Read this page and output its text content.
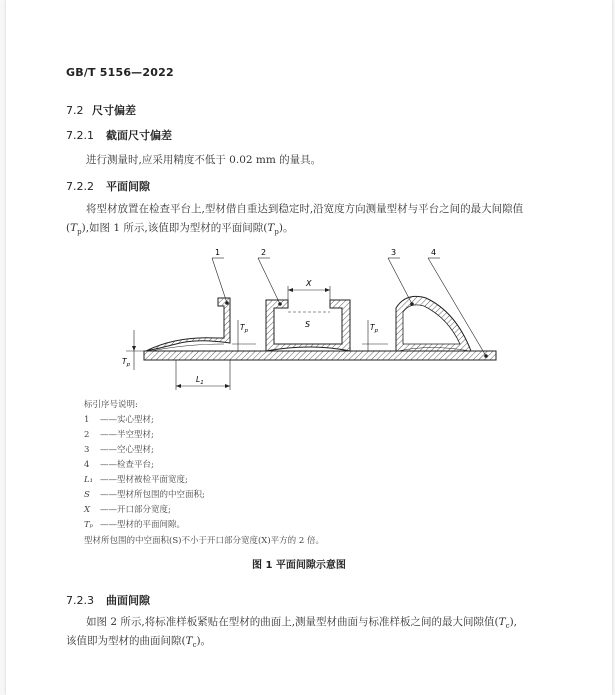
GB/T 5156—2022
7.2 尺寸偏差
7.2.1 截面尺寸偏差
进行测量时,应采用精度不低于 0.02 mm 的量具。
7.2.2 平面间隙
将型材放置在检查平台上,型材借自重达到稳定时,沿宽度方向测量型材与平台之间的最大间隙值
$(T_p)$,如图 1 所示,该值即为型材的平面间隙$(T_p)$。
X
S
$T_p$
$T_p$	$T_p$
$L_1$
1	2	3	4
标引序号说明:
1 ——实心型材;
2 ——半空型材;
3 ——空心型材;
4 ——检查平台;
L₁ ——型材被检平面宽度;
S ——型材所包围的中空面积;
X ——开口部分宽度;
Tₚ ——型材的平面间隙。
型材所包围的中空面积(S)不小于开口部分宽度(X)平方的 2 倍。
图 1 平面间隙示意图
7.2.3 曲面间隙
如图 2 所示,将标准样板紧贴在型材的曲面上,测量型材曲面与标准样板之间的最大间隙值$(T_c)$,
该值即为型材的曲面间隙$(T_c)$。
